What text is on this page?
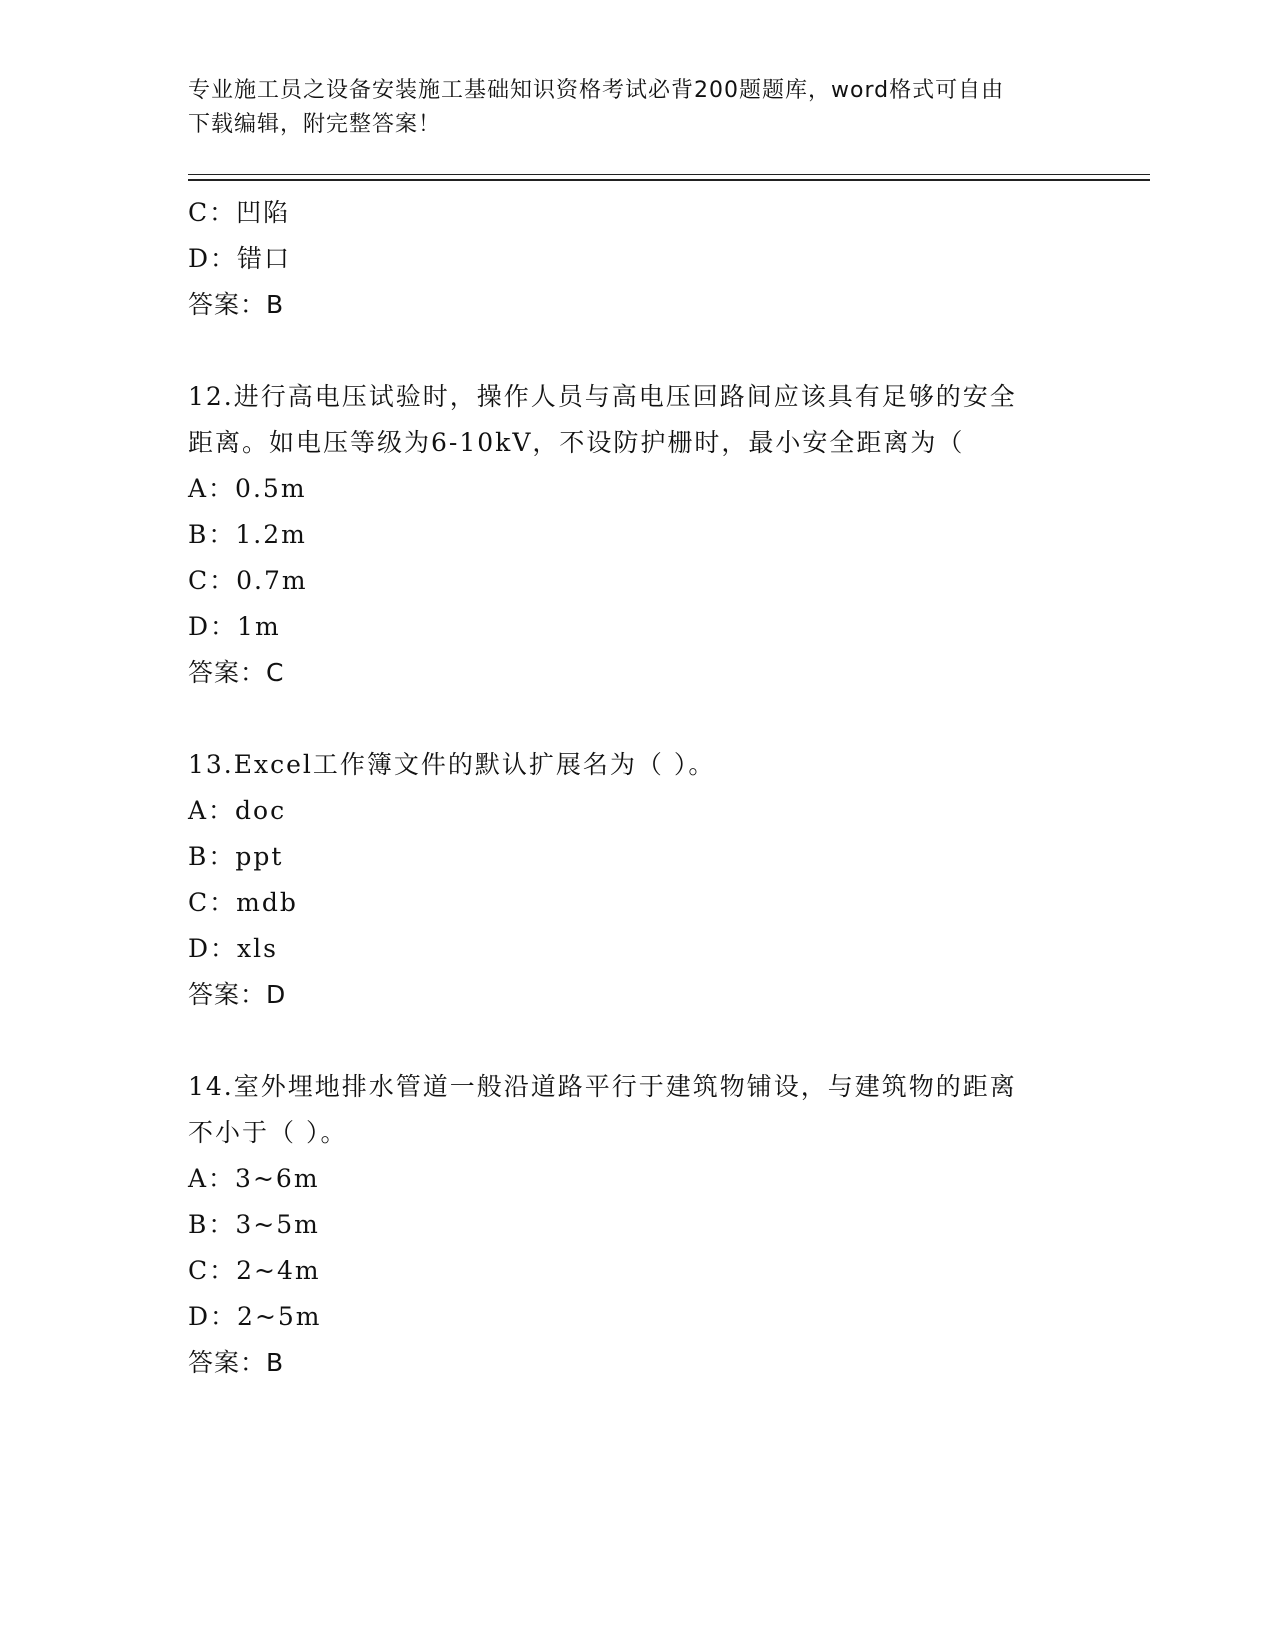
专业施工员之设备安装施工基础知识资格考试必背200题题库，word格式可自由
下载编辑，附完整答案！
C：凹陷
D：错口
答案：B
12.进行高电压试验时，操作人员与高电压回路间应该具有足够的安全
距离。如电压等级为6-10kV，不设防护栅时，最小安全距离为（
A：0.5m
B：1.2m
C：0.7m
D：1m
答案：C
13.Excel工作簿文件的默认扩展名为（ ）。
A：doc
B：ppt
C：mdb
D：xls
答案：D
14.室外埋地排水管道一般沿道路平行于建筑物铺设，与建筑物的距离
不小于（ ）。
A：3~6m
B：3~5m
C：2~4m
D：2~5m
答案：B
